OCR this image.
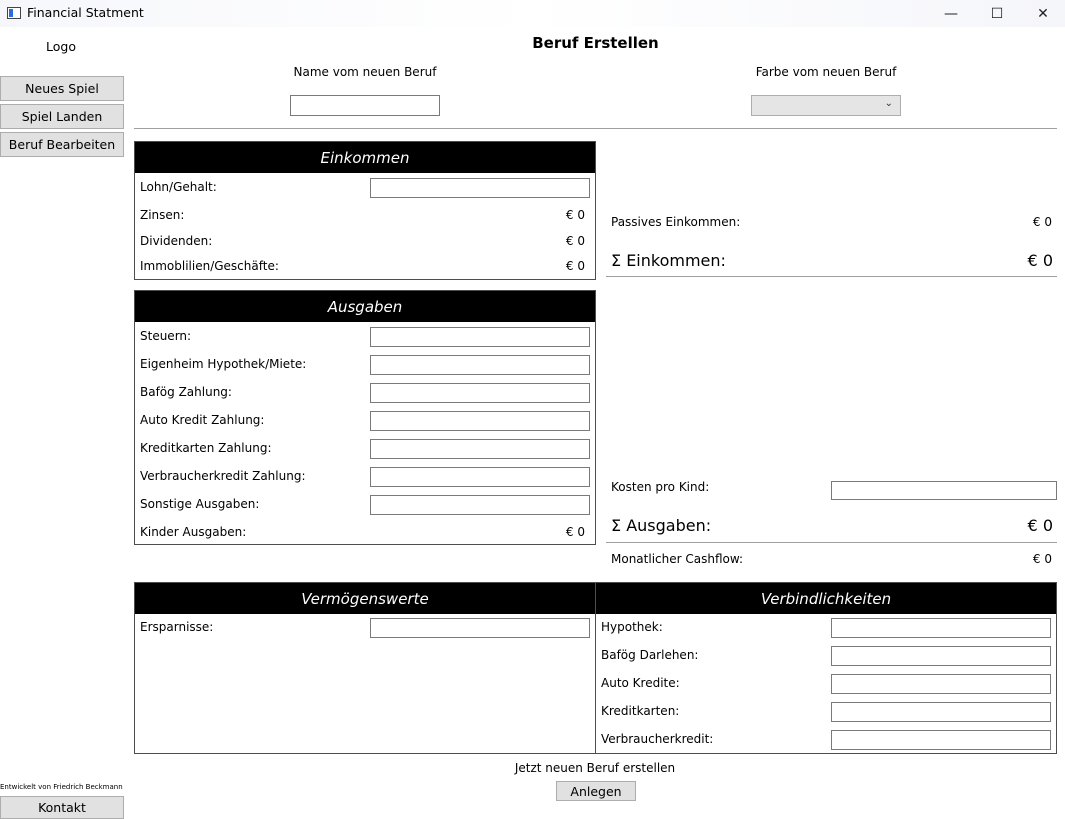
Financial Statment	—	☐	✕
Logo
Neues Spiel
Spiel Landen
Beruf Bearbeiten
Entwickelt von Friedrich Beckmann
Kontakt
Beruf Erstellen
Name vom neuen Beruf	Farbe vom neuen Beruf
⌄
Einkommen
Lohn/Gehalt:
Zinsen:	€ 0
Dividenden:	€ 0
Immoblilien/Geschäfte:	€ 0
Passives Einkommen:	€ 0
Σ Einkommen:	€ 0
Ausgaben
Steuern:
Eigenheim Hypothek/Miete:
Bafög Zahlung:
Auto Kredit Zahlung:
Kreditkarten Zahlung:
Verbraucherkredit Zahlung:
Sonstige Ausgaben:
Kinder Ausgaben:	€ 0
Kosten pro Kind:
Σ Ausgaben:	€ 0
Monatlicher Cashflow:	€ 0
Vermögenswerte	Verbindlichkeiten
Ersparnisse:	Hypothek:
Bafög Darlehen:
Auto Kredite:
Kreditkarten:
Verbraucherkredit:
Jetzt neuen Beruf erstellen
Anlegen
